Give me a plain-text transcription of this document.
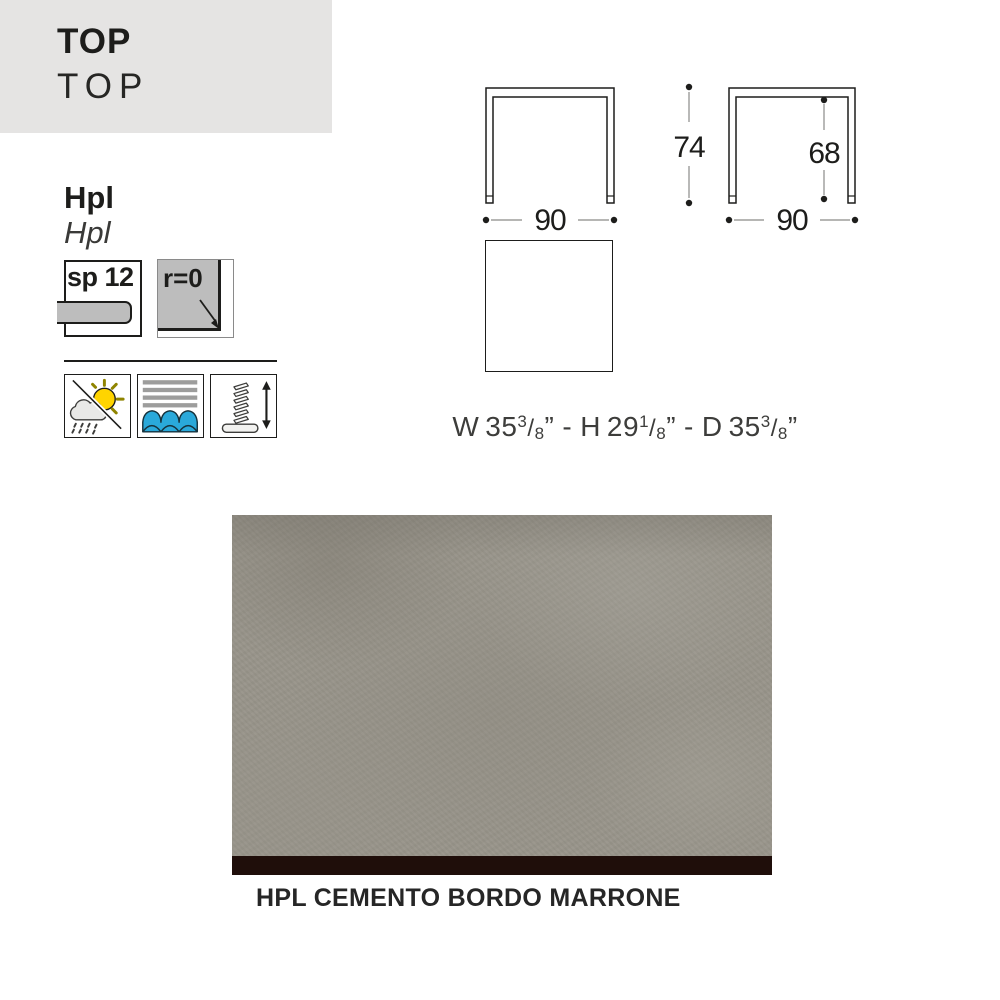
TOP
TOP
Hpl
Hpl
sp 12 r=0
90
74	68
90
W $35^3/_8$” - H $29^1/_8$” - D $35^3/_8$”
HPL CEMENTO BORDO MARRONE
